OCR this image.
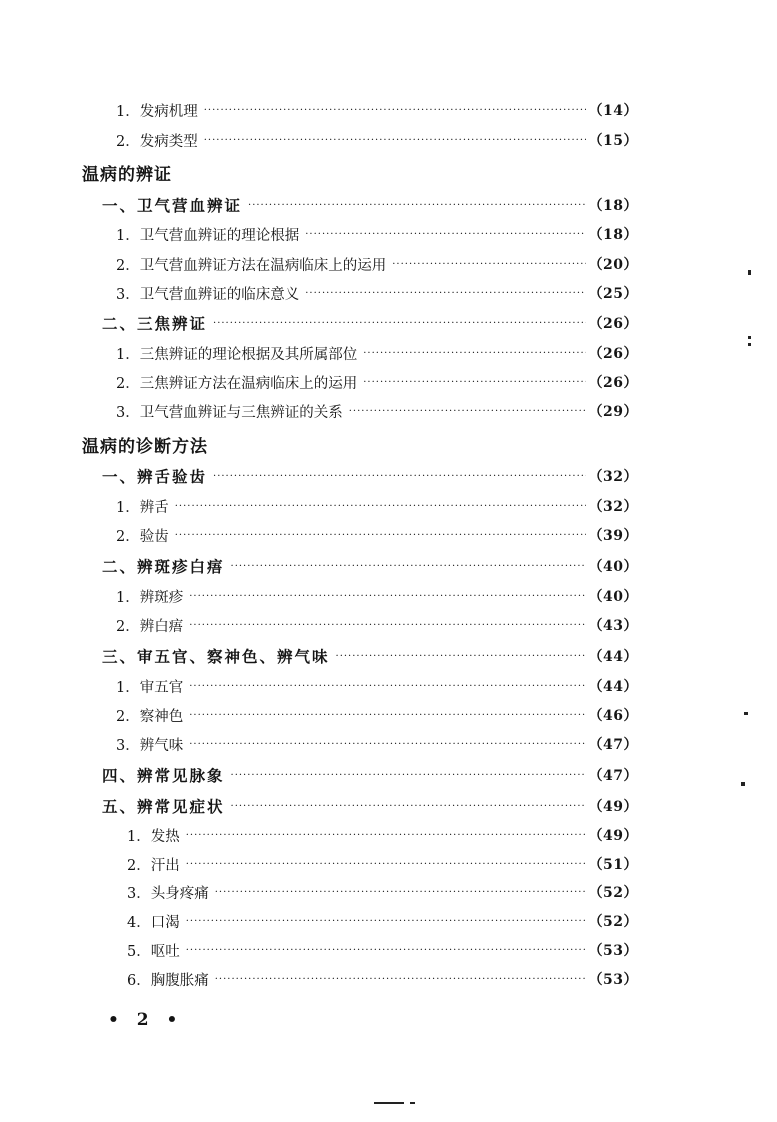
1．发病机理 ·····	（14）
2．发病类型 ·····	（15）
温病的辨证
一、卫气营血辨证 ·····	（18）
1．卫气营血辨证的理论根据 ·····	（18）
2．卫气营血辨证方法在温病临床上的运用 ·····	（20）
3．卫气营血辨证的临床意义 ·····	（25）
二、三焦辨证 ·····	（26）
1．三焦辨证的理论根据及其所属部位 ·····	（26）
2．三焦辨证方法在温病临床上的运用 ·····	（26）
3．卫气营血辨证与三焦辨证的关系 ·····	（29）
温病的诊断方法
一、辨舌验齿 ·····	（32）
1．辨舌 ·····	（32）
2．验齿 ·····	（39）
二、辨斑疹白痦 ·····	（40）
1．辨斑疹 ·····	（40）
2．辨白痦 ·····	（43）
三、审五官、察神色、辨气味 ·····	（44）
1．审五官 ·····	（44）
2．察神色 ·····	（46）
3．辨气味 ·····	（47）
四、辨常见脉象 ·····	（47）
五、辨常见症状 ·····	（49）
1．发热 ·····	（49）
2．汗出 ·····	（51）
3．头身疼痛 ·····	（52）
4．口渴 ·····	（52）
5．呕吐 ·····	（53）
6．胸腹胀痛 ·····	（53）
• 2 •
